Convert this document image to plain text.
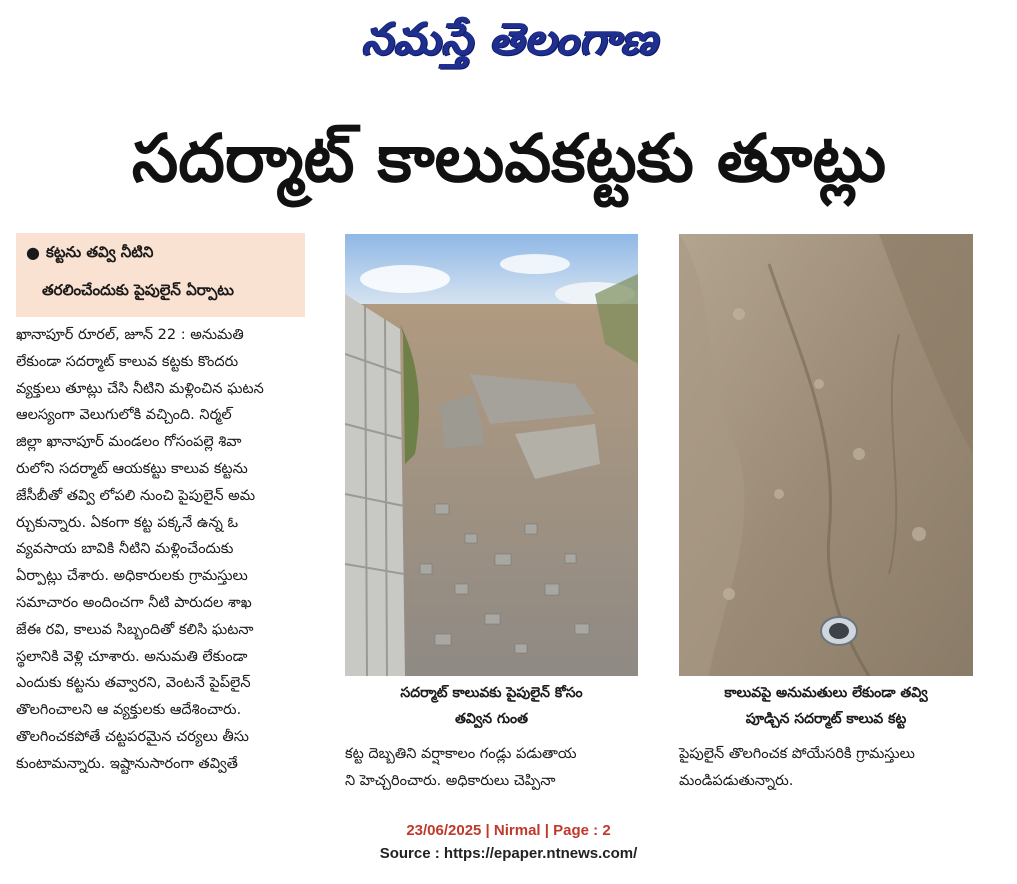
నమస్తే తెలంగాణ
సదర్మాట్ కాలువకట్టకు తూట్లు
● కట్టను తవ్వి నీటిని
తరలించేందుకు పైపులైన్ ఏర్పాటు

ఖానాపూర్ రూరల్, జూన్ 22 : అనుమతి

లేకుండా సదర్మాట్ కాలువ కట్టకు కొందరు

వ్యక్తులు తూట్లు చేసి నీటిని మళ్లించిన ఘటన

ఆలస్యంగా వెలుగులోకి వచ్చింది. నిర్మల్

జిల్లా ఖానాపూర్ మండలం గోసంపల్లె శివా

రులోని సదర్మాట్ ఆయకట్టు కాలువ కట్టను

జేసీబీతో తవ్వి లోపలి నుంచి పైపులైన్ అమ

ర్చుకున్నారు. ఏకంగా కట్ట పక్కనే ఉన్న ఓ

వ్యవసాయ బావికి నీటిని మళ్లించేందుకు

ఏర్పాట్లు చేశారు. అధికారులకు గ్రామస్తులు

సమాచారం అందించగా నీటి పారుదల శాఖ

జేఈ రవి, కాలువ సిబ్బందితో కలిసి ఘటనా

స్థలానికి వెళ్లి చూశారు. అనుమతి లేకుండా

ఎందుకు కట్టను తవ్వారని, వెంటనే పైప్‌లైన్

తొలగించాలని ఆ వ్యక్తులకు ఆదేశించారు.

తొలగించకపోతే చట్టపరమైన చర్యలు తీసు

కుంటామన్నారు. ఇష్టానుసారంగా తవ్వితే

సదర్మాట్ కాలువకు పైపులైన్ కోసం
తవ్విన గుంత
కాలువపై అనుమతులు లేకుండా తవ్వి
పూడ్చిన సదర్మాట్ కాలువ కట్ట

కట్ట దెబ్బతిని వర్షాకాలం గండ్లు పడుతాయ

ని హెచ్చరించారు. అధికారులు చెప్పినా

పైపులైన్ తొలగించక పోయేసరికి గ్రామస్తులు

మండిపడుతున్నారు.

23/06/2025 | Nirmal | Page : 2
Source : https://epaper.ntnews.com/
